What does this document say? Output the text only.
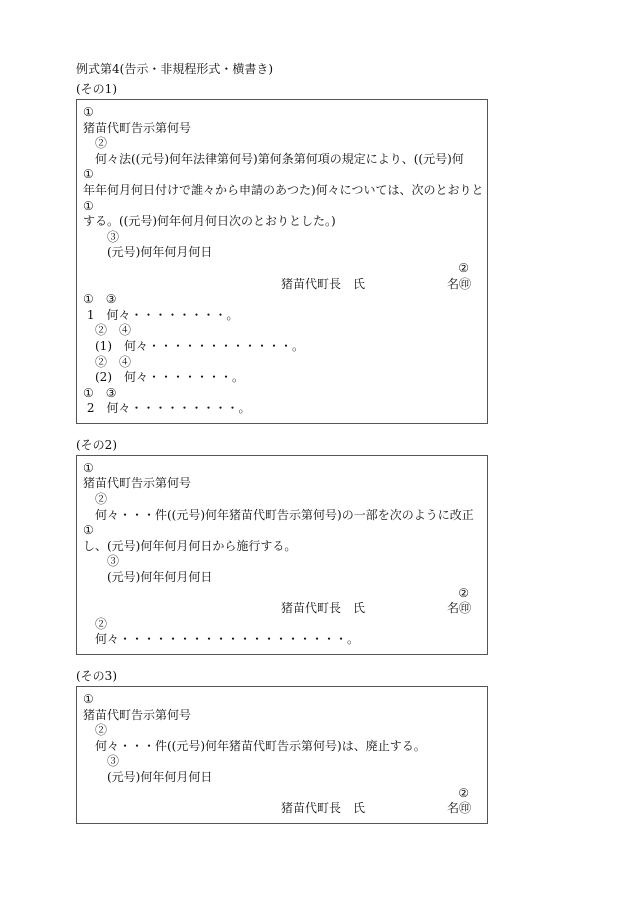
例式第4(告示・非規程形式・横書き)
(その1)
①
猪苗代町告示第何号
　②
　何々法((元号)何年法律第何号)第何条第何項の規定により、((元号)何
①
年年何月何日付けで誰々から申請のあつた)何々については、次のとおりと
①
する。((元号)何年何月何日次のとおりとした。)
　　③
　　(元号)何年何月何日
②
猪苗代町長　氏	名㊞
①　③
1　何々・・・・・・・・。
　②　④
　(1)　何々・・・・・・・・・・・・。
　②　④
　(2)　何々・・・・・・・。
①　③
2　何々・・・・・・・・・。
(その2)
①
猪苗代町告示第何号
　②
　何々・・・件((元号)何年猪苗代町告示第何号)の一部を次のように改正
①
し、(元号)何年何月何日から施行する。
　　③
　　(元号)何年何月何日
②
猪苗代町長　氏	名㊞
　②
　何々・・・・・・・・・・・・・・・・・・・。
(その3)
①
猪苗代町告示第何号
　②
　何々・・・件((元号)何年猪苗代町告示第何号)は、廃止する。
　　③
　　(元号)何年何月何日
②
猪苗代町長　氏	名㊞
